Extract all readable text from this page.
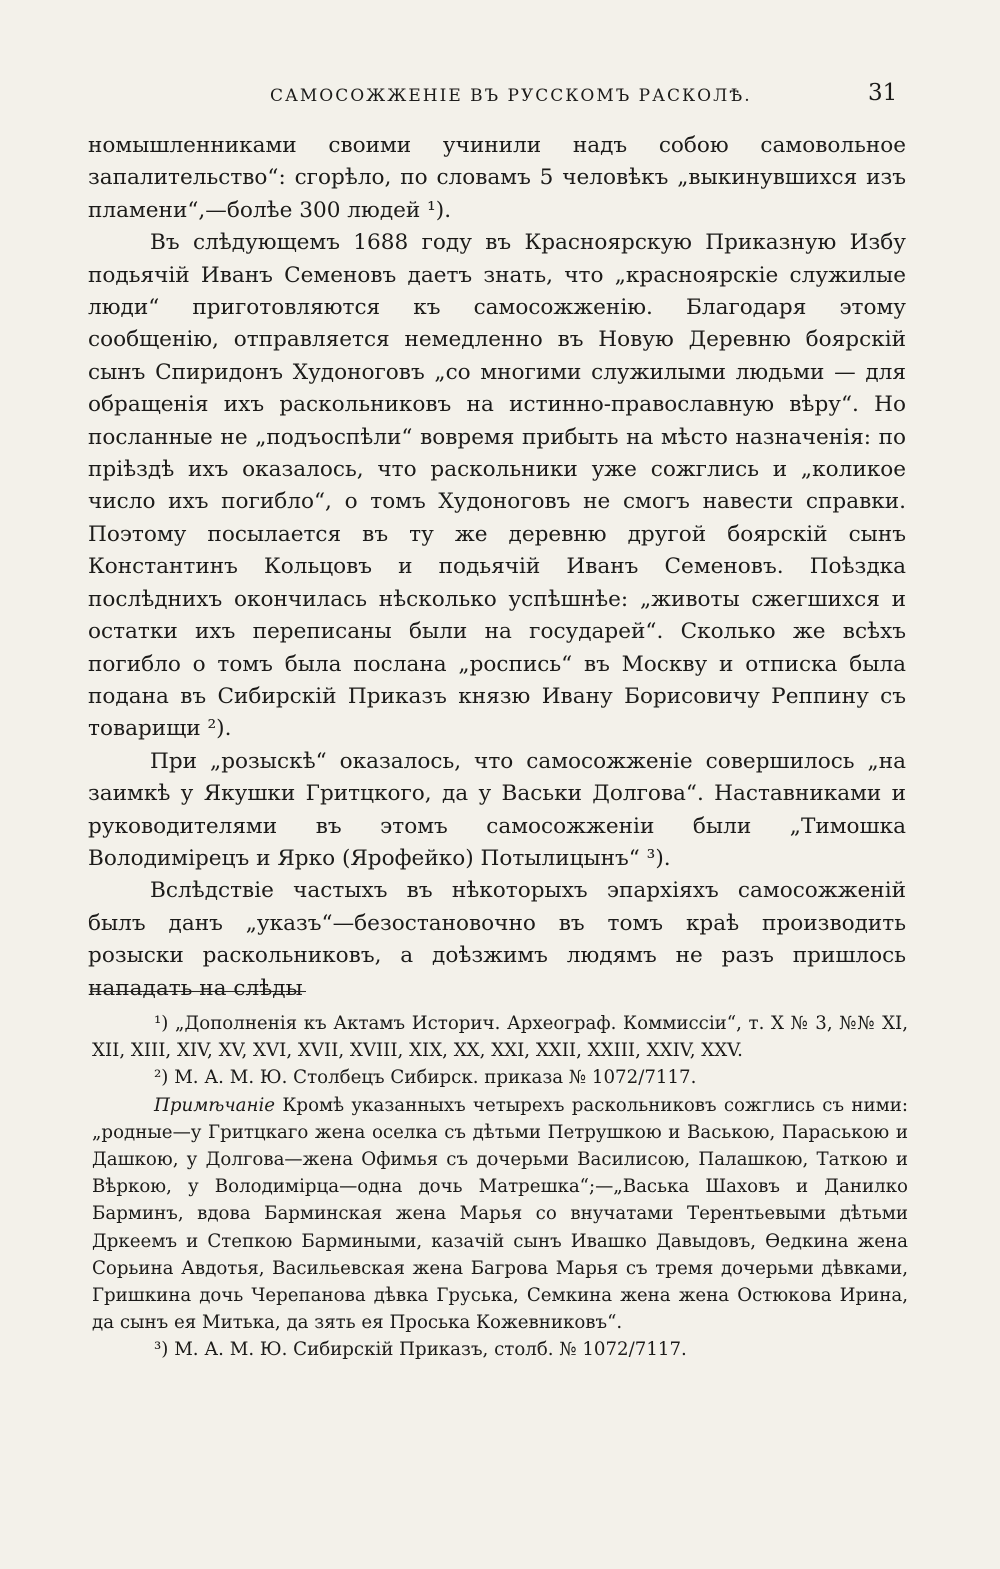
САМОСОЖЖЕНІЕ ВЪ РУССКОМЪ РАСКОЛѢ.	31

номышленниками своими учинили надъ собою самовольное запалительство“: сгорѣло, по словамъ 5 человѣкъ „выкинувшихся изъ пламени“,—болѣе 300 людей ¹).

Въ слѣдующемъ 1688 году въ Красноярскую Приказную Избу подьячій Иванъ Семеновъ даетъ знать, что „красноярскіе служилые люди“ приготовляются къ самосожженію. Благодаря этому сообщенію, отправляется немедленно въ Новую Деревню боярскій сынъ Спиридонъ Худоноговъ „со многими служилыми людьми — для обращенія ихъ раскольниковъ на истинно-православную вѣру“. Но посланные не „подъоспѣли“ вовремя прибыть на мѣсто назначенія: по пріѣздѣ ихъ оказалось, что раскольники уже сожглись и „коликое число ихъ погибло“, о томъ Худоноговъ не смогъ навести справки. Поэтому посылается въ ту же деревню другой боярскій сынъ Константинъ Кольцовъ и подьячій Иванъ Семеновъ. Поѣздка послѣднихъ окончилась нѣсколько успѣшнѣе: „животы сжегшихся и остатки ихъ переписаны были на государей“. Сколько же всѣхъ погибло о томъ была послана „роспись“ въ Москву и отписка была подана въ Сибирскій Приказъ князю Ивану Борисовичу Реппину съ товарищи ²).

При „розыскѣ“ оказалось, что самосожженіе совершилось „на заимкѣ у Якушки Гритцкого, да у Васьки Долгова“. Наставниками и руководителями въ этомъ самосожженіи были „Тимошка Володимірецъ и Ярко (Ярофейко) Потылицынъ“ ³).

Вслѣдствіе частыхъ въ нѣкоторыхъ эпархіяхъ самосожженій былъ данъ „указъ“—безостановочно въ томъ краѣ производить розыски раскольниковъ, а доѣзжимъ людямъ не разъ пришлось нападать на слѣды

¹) „Дополненія къ Актамъ Историч. Археограф. Коммиссіи“, т. X № 3, №№ XI, XII, XIII, XIV, XV, XVI, XVII, XVIII, XIX, XX, XXI, XXII, XXIII, XXIV, XXV.

²) М. А. М. Ю. Столбецъ Сибирск. приказа № 1072/7117.

Примѣчаніе Кромѣ указанныхъ четырехъ раскольниковъ сожглись съ ними: „родные—у Гритцкаго жена оселка съ дѣтьми Петрушкою и Ваською, Параською и Дашкою, у Долгова—жена Офимья съ дочерьми Василисою, Палашкою, Таткою и Вѣркою, у Володимірца—одна дочь Матрешка“;—„Васька Шаховъ и Данилко Барминъ, вдова Барминская жена Марья со внучатами Терентьевыми дѣтьми Дркеемъ и Степкою Бармиными, казачій сынъ Ивашко Давыдовъ, Ѳедкина жена Сорьина Авдотья, Васильевская жена Багрова Марья съ тремя дочерьми дѣвками, Гришкина дочь Черепанова дѣвка Груська, Семкина жена жена Остюкова Ирина, да сынъ ея Митька, да зять ея Проська Кожевниковъ“.

³) М. А. М. Ю. Сибирскій Приказъ, столб. № 1072/7117.
